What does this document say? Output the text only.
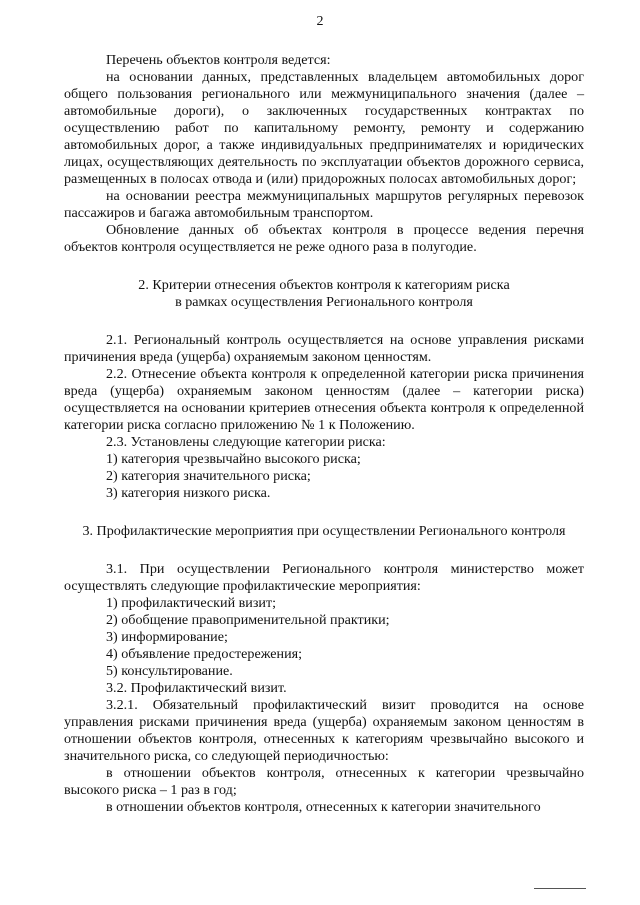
2

Перечень объектов контроля ведется:

на основании данных, представленных владельцем автомобильных дорог общего пользования регионального или межмуниципального значения (далее – автомобильные дороги), о заключенных государственных контрактах по осуществлению работ по капитальному ремонту, ремонту и содержанию автомобильных дорог, а также индивидуальных предпринимателях и юридических лицах, осуществляющих деятельность по эксплуатации объектов дорожного сервиса, размещенных в полосах отвода и (или) придорожных полосах автомобильных дорог;

на основании реестра межмуниципальных маршрутов регулярных перевозок пассажиров и багажа автомобильным транспортом.

Обновление данных об объектах контроля в процессе ведения перечня объектов контроля осуществляется не реже одного раза в полугодие.

2. Критерии отнесения объектов контроля к категориям риска

в рамках осуществления Регионального контроля

2.1. Региональный контроль осуществляется на основе управления рисками причинения вреда (ущерба) охраняемым законом ценностям.

2.2. Отнесение объекта контроля к определенной категории риска причинения вреда (ущерба) охраняемым законом ценностям (далее – категории риска) осуществляется на основании критериев отнесения объекта контроля к определенной категории риска согласно приложению № 1 к Положению.

2.3. Установлены следующие категории риска:

1) категория чрезвычайно высокого риска;

2) категория значительного риска;

3) категория низкого риска.

3. Профилактические мероприятия при осуществлении Регионального контроля

3.1. При осуществлении Регионального контроля министерство может осуществлять следующие профилактические мероприятия:

1) профилактический визит;

2) обобщение правоприменительной практики;

3) информирование;

4) объявление предостережения;

5) консультирование.

3.2. Профилактический визит.

3.2.1. Обязательный профилактический визит проводится на основе управления рисками причинения вреда (ущерба) охраняемым законом ценностям в отношении объектов контроля, отнесенных к категориям чрезвычайно высокого и значительного риска, со следующей периодичностью:

в отношении объектов контроля, отнесенных к категории чрезвычайно высокого риска – 1 раз в год;

в отношении объектов контроля, отнесенных к категории значительного
